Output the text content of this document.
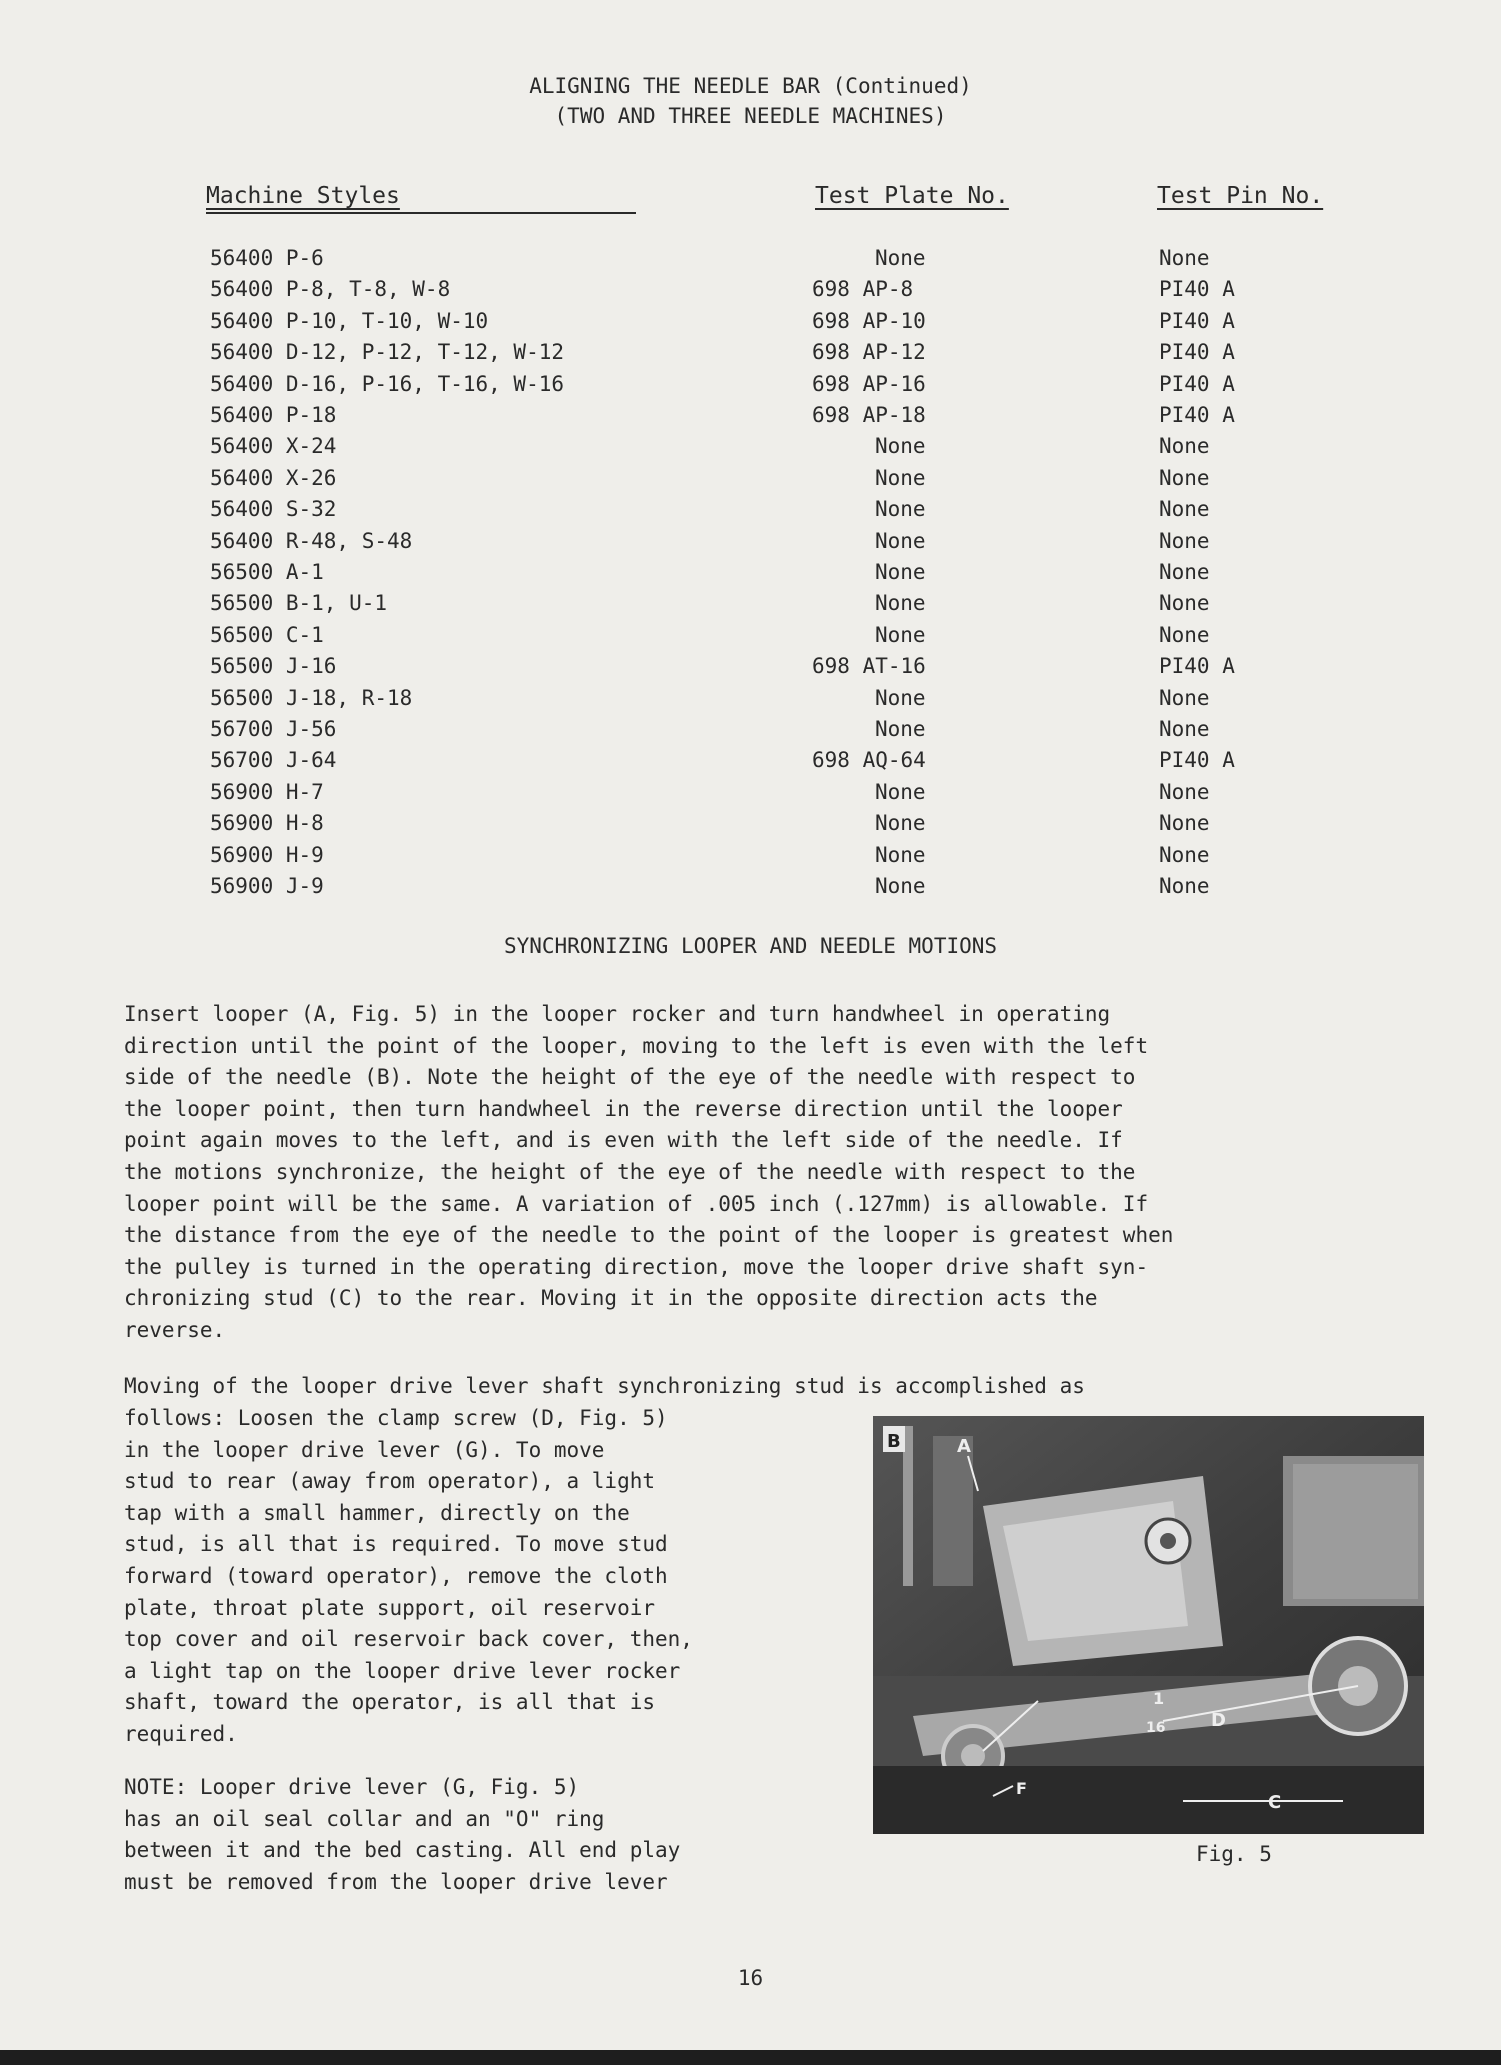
ALIGNING THE NEEDLE BAR (Continued)
(TWO AND THREE NEEDLE MACHINES)
Machine Styles	Test Plate No.	Test Pin No.
56400 P-6	None	None
56400 P-8, T-8, W-8	698 AP-8	PI40 A
56400 P-10, T-10, W-10	698 AP-10	PI40 A
56400 D-12, P-12, T-12, W-12	698 AP-12	PI40 A
56400 D-16, P-16, T-16, W-16	698 AP-16	PI40 A
56400 P-18	698 AP-18	PI40 A
56400 X-24	None	None
56400 X-26	None	None
56400 S-32	None	None
56400 R-48, S-48	None	None
56500 A-1	None	None
56500 B-1, U-1	None	None
56500 C-1	None	None
56500 J-16	698 AT-16	PI40 A
56500 J-18, R-18	None	None
56700 J-56	None	None
56700 J-64	698 AQ-64	PI40 A
56900 H-7	None	None
56900 H-8	None	None
56900 H-9	None	None
56900 J-9	None	None
SYNCHRONIZING LOOPER AND NEEDLE MOTIONS
Insert looper (A, Fig. 5) in the looper rocker and turn handwheel in operating
direction until the point of the looper, moving to the left is even with the left
side of the needle (B). Note the height of the eye of the needle with respect to
the looper point, then turn handwheel in the reverse direction until the looper
point again moves to the left, and is even with the left side of the needle. If
the motions synchronize, the height of the eye of the needle with respect to the
looper point will be the same. A variation of .005 inch (.127mm) is allowable. If
the distance from the eye of the needle to the point of the looper is greatest when
the pulley is turned in the operating direction, move the looper drive shaft syn-
chronizing stud (C) to the rear. Moving it in the opposite direction acts the
reverse.
Moving of the looper drive lever shaft synchronizing stud is accomplished as
follows: Loosen the clamp screw (D, Fig. 5)
in the looper drive lever (G). To move
stud to rear (away from operator), a light
tap with a small hammer, directly on the
stud, is all that is required. To move stud
forward (toward operator), remove the cloth
plate, throat plate support, oil reservoir
top cover and oil reservoir back cover, then,
a light tap on the looper drive lever rocker
shaft, toward the operator, is all that is
required.
NOTE: Looper drive lever (G, Fig. 5)
has an oil seal collar and an "O" ring
between it and the bed casting. All end play
must be removed from the looper drive lever
B	A
1
16	D
F
C
Fig. 5
16
